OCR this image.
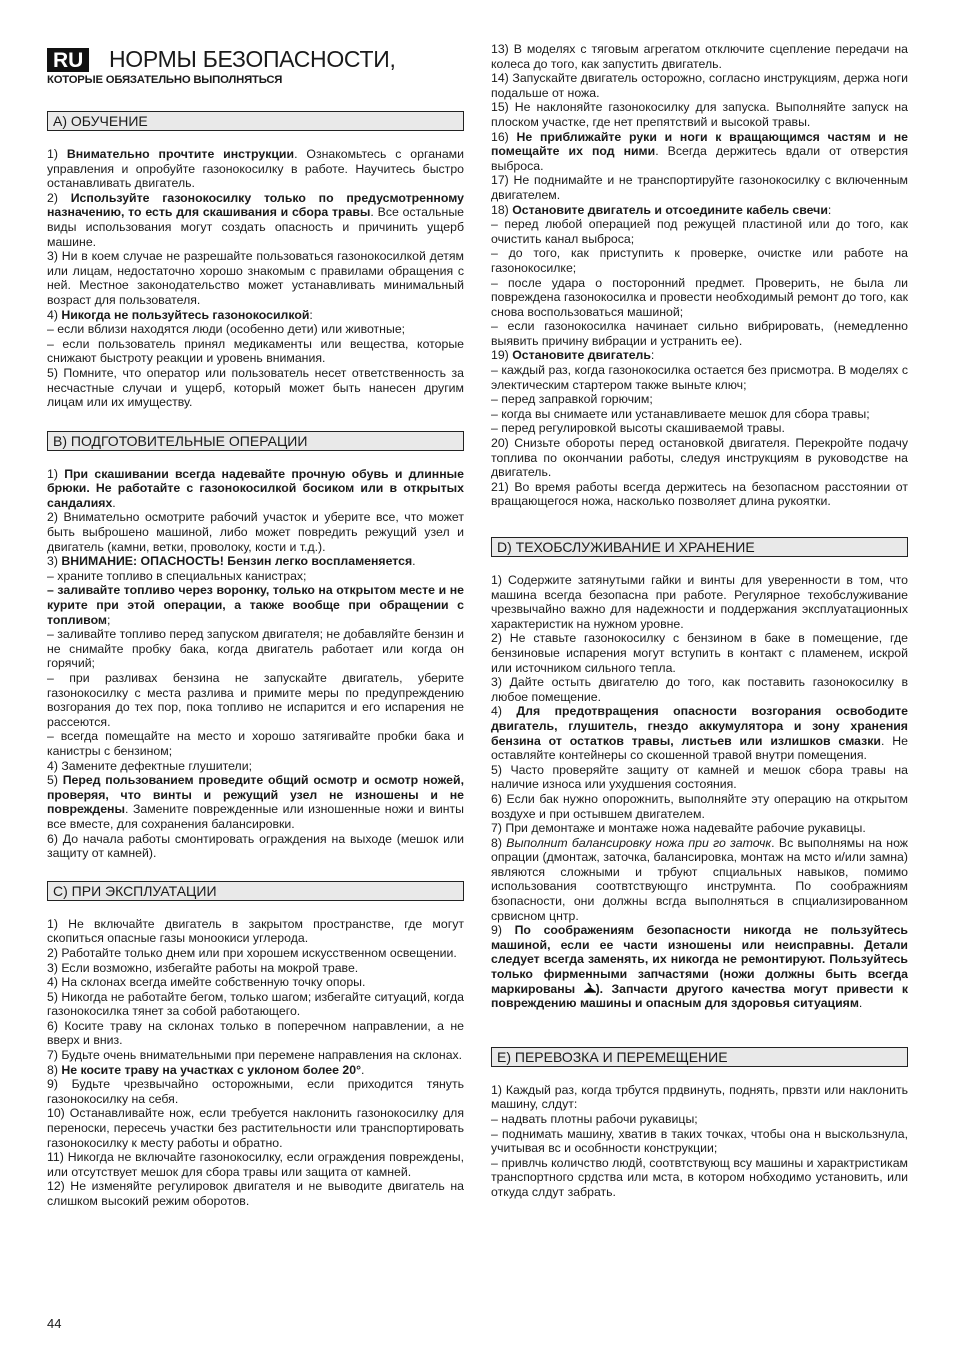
RU НОРМЫ БЕЗОПАСНОСТИ,
КОТОРЫЕ ОБЯЗАТЕЛЬНО ВЫПОЛНЯТЬСЯ
A) ОБУЧЕНИЕ

1) Внимательно прочтите инструкции. Ознакомьтесь с органами управления и опробуйте газонокосилку в работе. Научитесь быстро останавливать двигатель.

2) Используйте газонокосилку только по предусмотренному назначению, то есть для скашивания и сбора травы. Все остальные виды использования могут создать опасность и причинить ущерб машине.

3) Ни в коем случае не разрешайте пользоваться газонокосилкой детям или лицам, недостаточно хорошо знакомым с правилами обращения с ней. Местное законодательство может устанавливать минимальный возраст для пользователя.

4) Никогда не пользуйтесь газонокосилкой:

– если вблизи находятся люди (особенно дети) или животные;

– если пользователь принял медикаменты или вещества, которые снижают быстроту реакции и уровень внимания.

5) Помните, что оператор или пользователь несет ответственность за несчастные случаи и ущерб, который может быть нанесен другим лицам или их имуществу.

B) ПОДГОТОВИТЕЛЬНЫЕ ОПЕРАЦИИ

1) При скашивании всегда надевайте прочную обувь и длинные брюки. Не работайте с газонокосилкой босиком или в открытых сандалиях.

2) Внимательно осмотрите рабочий участок и уберите все, что может быть выброшено машиной, либо может повредить режущий узел и двигатель (камни, ветки, проволоку, кости и т.д.).

3) ВНИМАНИЕ: ОПАСНОСТЬ! Бензин легко воспламеняется.

– храните топливо в специальных канистрах;

– заливайте топливо через воронку, только на открытом месте и не курите при этой операции, а также вообще при обращении с топливом;

– заливайте топливо перед запуском двигателя; не добавляйте бензин и не снимайте пробку бака, когда двигатель работает или когда он горячий;

– при разливах бензина не запускайте двигатель, уберите газонокосилку с места разлива и примите меры по предупреждению возгорания до тех пор, пока топливо не испарится и его испарения не рассеются.

– всегда помещайте на место и хорошо затягивайте пробки бака и канистры с бензином;

4) Замените дефектные глушители;

5) Перед пользованием проведите общий осмотр и осмотр ножей, проверяя, что винты и режущий узел не изношены и не повреждены. Замените поврежденные или изношенные ножи и винты все вместе, для сохранения балансировки.

6) До начала работы смонтировать ограждения на выходе (мешок или защиту от камней).

C) ПРИ ЭКСПЛУАТАЦИИ

1) Не включайте двигатель в закрытом пространстве, где могут скопиться опасные газы моноокиси углерода.

2) Работайте только днем или при хорошем искусственном освещении.

3) Если возможно, избегайте работы на мокрой траве.

4) На склонах всегда имейте собственную точку опоры.

5) Никогда не работайте бегом, только шагом; избегайте ситуаций, когда газонокосилка тянет за собой работающего.

6) Косите траву на склонах только в поперечном направлении, а не вверх и вниз.

7) Будьте очень внимательными при перемене направления на склонах.

8) Не косите траву на участках с уклоном более 20°.

9) Будьте чрезвычайно осторожными, если приходится тянуть газонокосилку на себя.

10) Останавливайте нож, если требуется наклонить газонокосилку для переноски, пересечь участки без растительности или транспортировать газонокосилку к месту работы и обратно.

11) Никогда не включайте газонокосилку, если ограждения повреждены, или отсутствует мешок для сбора травы или защита от камней.

12) Не изменяйте регулировок двигателя и не выводите двигатель на слишком высокий режим оборотов.

13) В моделях с тяговым агрегатом отключите сцепление передачи на колеса до того, как запустить двигатель.

14) Запускайте двигатель осторожно, согласно инструкциям, держа ноги подальше от ножа.

15) Не наклоняйте газонокосилку для запуска. Выполняйте запуск на плоском участке, где нет препятствий и высокой травы.

16) Не приближайте руки и ноги к вращающимся частям и не помещайте их под ними. Всегда держитесь вдали от отверстия выброса.

17) Не поднимайте и не транспортируйте газонокосилку с включенным двигателем.

18) Остановите двигатель и отсоедините кабель свечи:

– перед любой операцией под режущей пластиной или до того, как очистить канал выброса;

– до того, как приступить к проверке, очистке или работе на газонокосилке;

– после удара о посторонний предмет. Проверить, не была ли повреждена газонокосилка и провести необходимый ремонт до того, как снова воспользоваться машиной;

– если газонокосилка начинает сильно вибрировать, (немедленно выявить причину вибрации и устранить ее).

19) Остановите двигатель:

– каждый раз, когда газонокосилка остается без присмотра. В моделях с электическим стартером также выньте ключ;

– перед заправкой горючим;

– когда вы снимаете или устанавливаете мешок для сбора травы;

– перед регулировкой высоты скашиваемой травы.

20) Снизьте обороты перед остановкой двигателя. Перекройте подачу топлива по окончании работы, следуя инструкциям в руководстве на двигатель.

21) Во время работы всегда держитесь на безопасном расстоянии от вращающегося ножа, насколько позволяет длина рукоятки.

D) ТЕХОБСЛУЖИВАНИЕ И ХРАНЕНИЕ

1) Содержите затянутыми гайки и винты для уверенности в том, что машина всегда безопасна при работе. Регулярное техобслуживание чрезвычайно важно для надежности и поддержания эксплуатационных характеристик на нужном уровне.

2) Не ставьте газонокосилку с бензином в баке в помещение, где бензиновые испарения могут вступить в контакт с пламенем, искрой или источником сильного тепла.

3) Дайте остыть двигателю до того, как поставить газонокосилку в любое помещение.

4) Для предотвращения опасности возгорания освободите двигатель, глушитель, гнездо аккумулятора и зону хранения бензина от остатков травы, листьев или излишков смазки. Не оставляйте контейнеры со скошенной травой внутри помещения.

5) Часто проверяйте защиту от камней и мешок сбора травы на наличие износа или ухудшения состояния.

6) Если бак нужно опорожнить, выполняйте эту операцию на открытом воздухе и при остывшем двигателем.

7) При демонтаже и монтаже ножа надевайте рабочие рукавицы.

8) Выполнит балансировку ножа при го заточк. Вс выполнямы на нож опрации (дмонтаж, заточка, балансировка, монтаж на мсто и/или замна) являются сложными и трбуют спциальных навыков, помимо использования соотвтствующго инструмнта. По соображниям бзопасности, они должны всгда выполняться в спциализированном срвисном цнтр.

9) По соображениям безопасности никогда не пользуйтесь машиной, если ее части изношены или неисправны. Детали следует всегда заменять, их никогда не ремонтируют. Пользуйтесь только фирменными запчастями (ножи должны быть всегда маркированы ). Запчасти другого качества могут привести к повреждению машины и опасным для здоровья ситуациям.

E) ПЕРЕВОЗКА И ПЕРЕМЕЩЕНИЕ

1) Каждый раз, когда трбутся прдвинуть, поднять, првзти или наклонить машину, слдут:

– надвать плотны рабочи рукавицы;

– поднимать машину, хватив в таких точках, чтобы она н выскользнула, учитывая вс и особнности конструкции;

– привлчь количство людй, соотвтствующ всу машины и характристикам транспортного срдства или мста, в котором нобходимо установить, или откуда слдут забрать.

44
